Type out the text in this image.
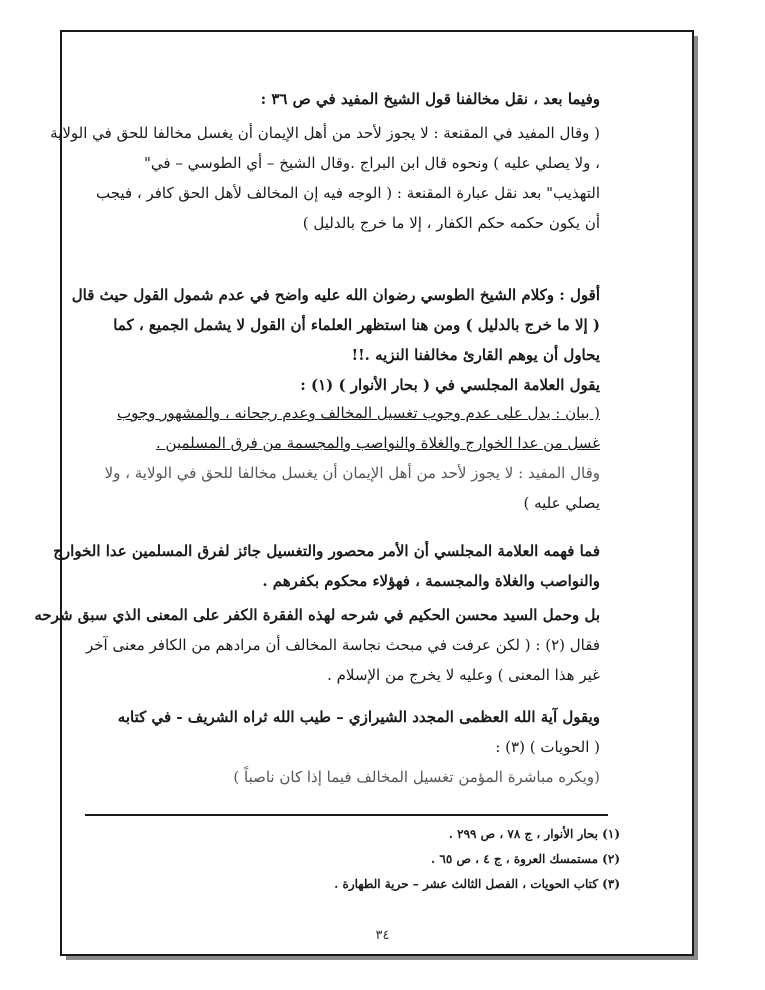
وفيما بعد ، نقل مخالفنا قول الشيخ المفيد في ص ٣٦ :
( وقال المفيد في المقنعة : لا يجوز لأحد من أهل الإيمان أن يغسل مخالفا للحق في الولاية
، ولا يصلي عليه ) ونحوه قال ابن البراج .وقال الشيخ – أي الطوسي – في"
التهذيب" بعد نقل عبارة المقنعة : ( الوجه فيه إن المخالف لأهل الحق كافر ، فيجب
أن يكون حكمه حكم الكفار ، إلا ما خرج بالدليل )
أقول : وكلام الشيخ الطوسي رضوان الله عليه واضح في عدم شمول القول حيث قال
( إلا ما خرج بالدليل ) ومن هنا استظهر العلماء أن القول لا يشمل الجميع ، كما
يحاول أن يوهم القارئ مخالفنا النزيه .!!
يقول العلامة المجلسي في ( بحار الأنوار ) (١) :
( بيان : يدل على عدم وجوب تغسيل المخالف وعدم رجحانه ، والمشهور وجوب
غسل من عدا الخوارج والغلاة والنواصب والمجسمة من فرق المسلمين .
وقال المفيد : لا يجوز لأحد من أهل الإيمان أن يغسل مخالفا للحق في الولاية ، ولا
يصلي عليه )
فما فهمه العلامة المجلسي أن الأمر محصور والتغسيل جائز لفرق المسلمين عدا الخوارج
والنواصب والغلاة والمجسمة ، فهؤلاء محكوم بكفرهم .
بل وحمل السيد محسن الحكيم في شرحه لهذه الفقرة الكفر على المعنى الذي سبق شرحه
فقال (٢) : ( لكن عرفت في مبحث نجاسة المخالف أن مرادهم من الكافر معنى آخر
غير هذا المعنى ) وعليه لا يخرج من الإسلام .
ويقول آية الله العظمى المجدد الشيرازي – طيب الله ثراه الشريف - في كتابه
( الحويات ) (٣) :
(ويكره مباشرة المؤمن تغسيل المخالف فيما إذا كان ناصباً )
(١) بحار الأنوار ، ج ٧٨ ، ص ٢٩٩ .
(٢) مستمسك العروة ، ج ٤ ، ص ٦٥ .
(٣) كتاب الحويات ، الفصل الثالث عشر – حرية الطهارة .
٣٤
